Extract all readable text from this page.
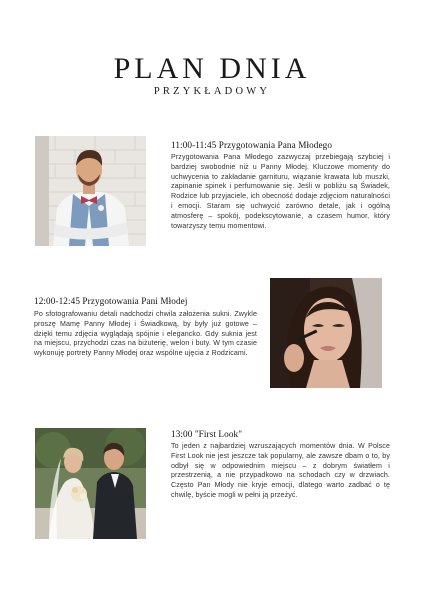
PLAN DNIA
PRZYKŁADOWY
11:00-11:45 Przygotowania Pana Młodego
Przygotowania Pana Młodego zazwyczaj przebiegają szybciej i bardziej swobodnie niż u Panny Młodej. Kluczowe momenty do uchwycenia to zakładanie garnituru, wiązanie krawata lub muszki, zapinanie spinek i perfumowanie się. Jeśli w pobliżu są Świadek, Rodzice lub przyjaciele, ich obecność dodaje zdjęciom naturalności i emocji. Staram się uchwycić zarówno detale, jak i ogólną atmosferę – spokój, podekscytowanie, a czasem humor, który towarzyszy temu momentowi.
12:00-12:45 Przygotowania Pani Młodej
Po sfotografowaniu detali nadchodzi chwila założenia sukni. Zwykle proszę Mamę Panny Młodej i Świadkową, by były już gotowe – dzięki temu zdjęcia wyglądają spójnie i elegancko. Gdy suknia jest na miejscu, przychodzi czas na biżuterię, welon i buty. W tym czasie wykonuję portrety Panny Młodej oraz wspólne ujęcia z Rodzicami.
13:00 "First Look"
To jeden z najbardziej wzruszających momentów dnia. W Polsce First Look nie jest jeszcze tak popularny, ale zawsze dbam o to, by odbył się w odpowiednim miejscu – z dobrym światłem i przestrzenią, a nie przypadkowo na schodach czy w drzwiach. Często Pan Młody nie kryje emocji, dlatego warto zadbać o tę chwilę, byście mogli w pełni ją przeżyć.
